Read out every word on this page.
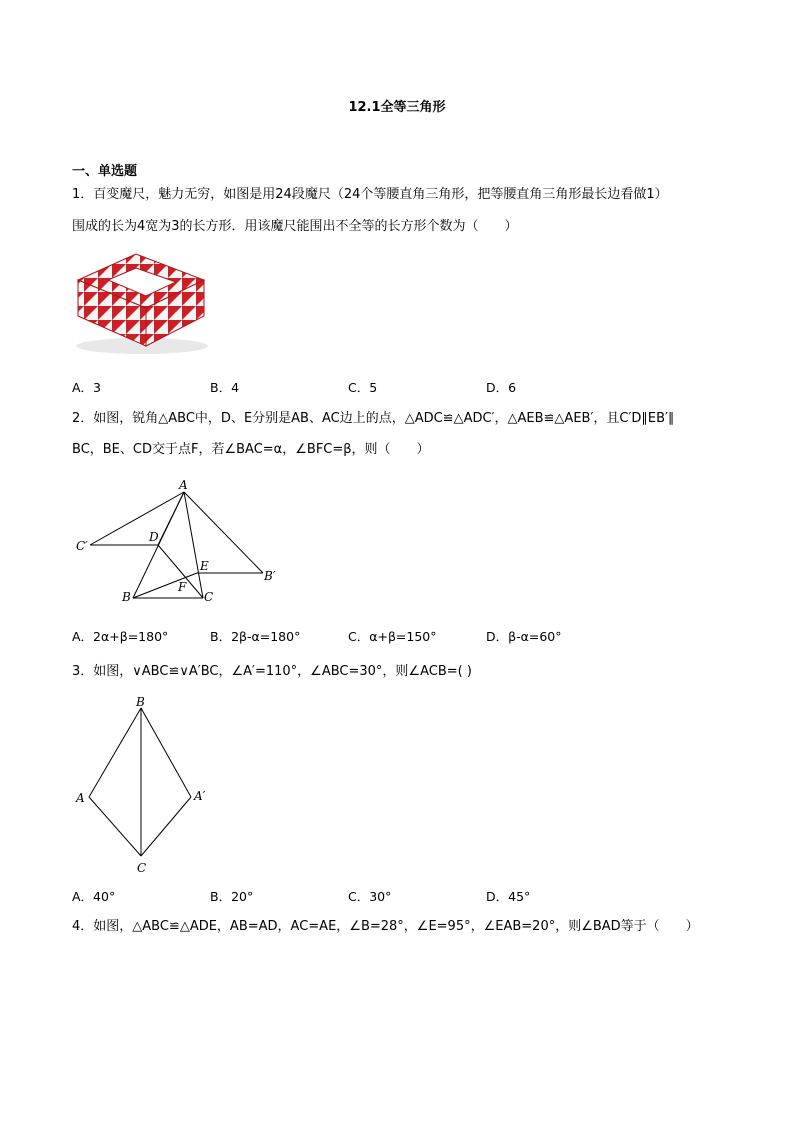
12.1全等三角形
一、单选题
1．百变魔尺，魅力无穷，如图是用24段魔尺（24个等腰直角三角形，把等腰直角三角形最长边看做1）
围成的长为4宽为3的长方形．用该魔尺能围出不全等的长方形个数为（　　）
A．3	B．4	C．5	D．6
2．如图，锐角△ABC中，D、E分别是AB、AC边上的点，△ADC≌△ADC′，△AEB≌△AEB′，且C′D∥EB′∥
BC，BE、CD交于点F，若∠BAC=α，∠BFC=β，则（　　）
A
C′
D
E
B′
F
B	C
A．2α+β=180°	B．2β-α=180°	C．α+β=150°	D．β-α=60°
3．如图，∨ABC≌∨A′BC，∠A′=110°，∠ABC=30°，则∠ACB=( )
B
A	A′
C
A．40°	B．20°	C．30°	D．45°
4．如图，△ABC≌△ADE，AB=AD，AC=AE，∠B=28°，∠E=95°，∠EAB=20°，则∠BAD等于（　　）
